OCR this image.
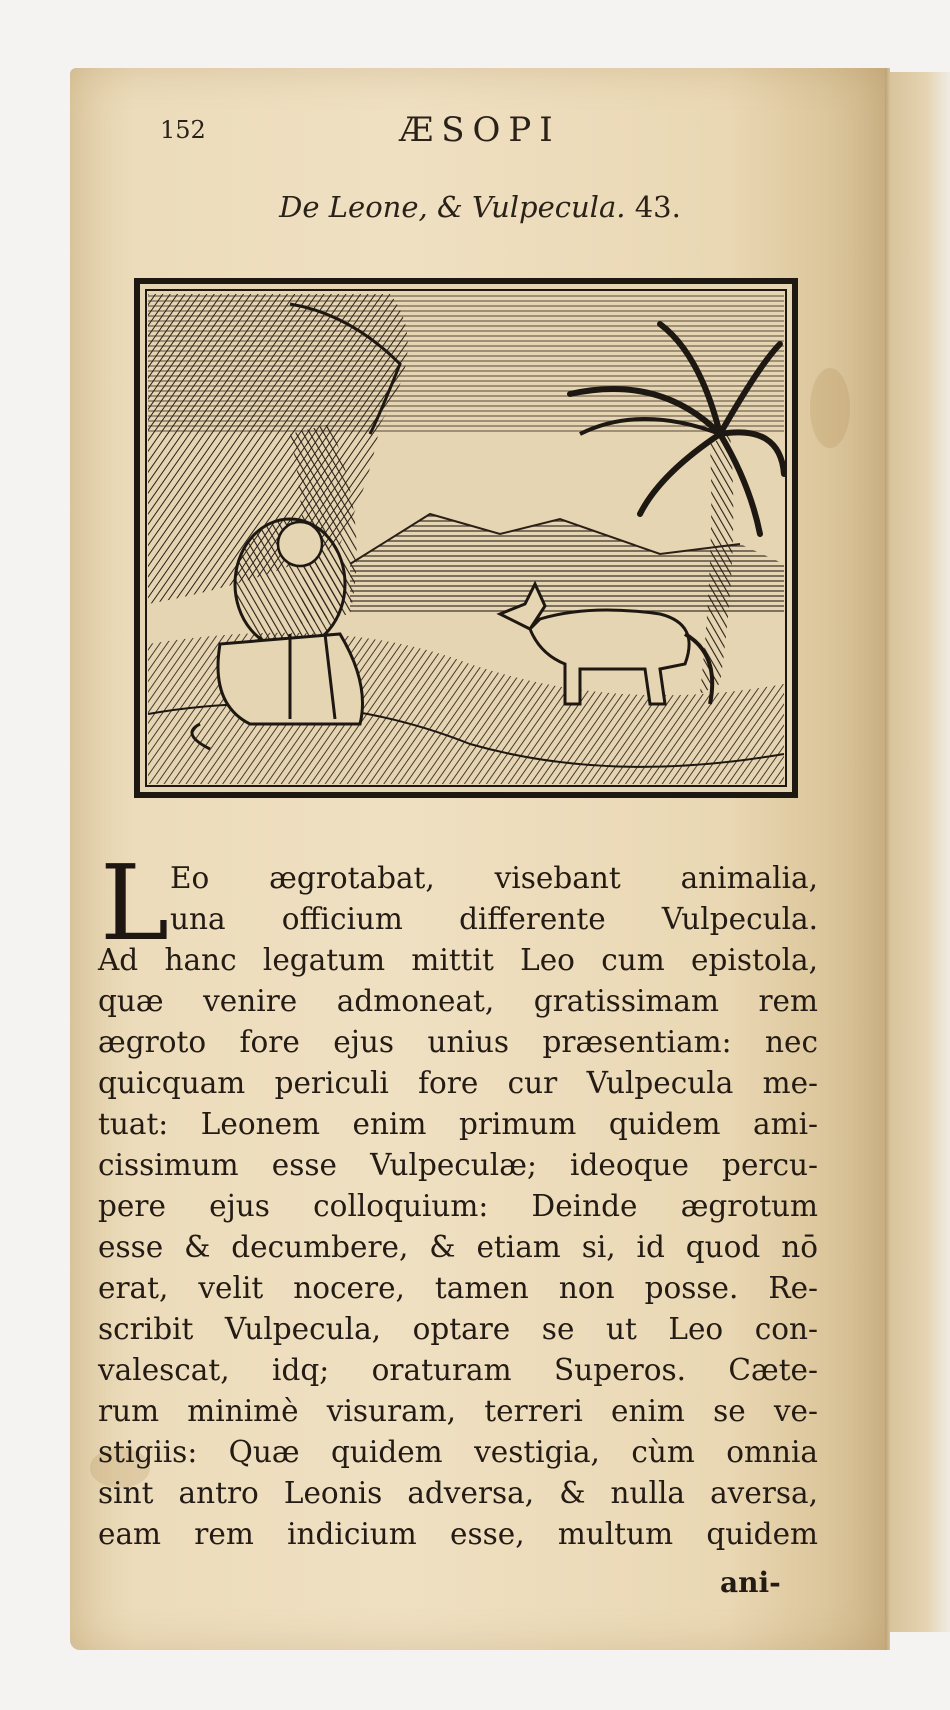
152	ÆSOPI
De Leone, & Vulpecula. 43.
L Eo ægrotabat, visebant animalia,
una officium differente Vulpecula.
Ad hanc legatum mittit Leo cum epistola,
quæ venire admoneat, gratissimam rem
ægroto fore ejus unius præsentiam: nec
quicquam periculi fore cur Vulpecula me-
tuat: Leonem enim primum quidem ami-
cissimum esse Vulpeculæ; ideoque percu-
pere ejus colloquium: Deinde ægrotum
esse & decumbere, & etiam si, id quod nō
erat, velit nocere, tamen non posse. Re-
scribit Vulpecula, optare se ut Leo con-
valescat, idq; oraturam Superos. Cæte-
rum minimè visuram, terreri enim se ve-
stigiis: Quæ quidem vestigia, cùm omnia
sint antro Leonis adversa, & nulla aversa,
eam rem indicium esse, multum quidem
ani-
